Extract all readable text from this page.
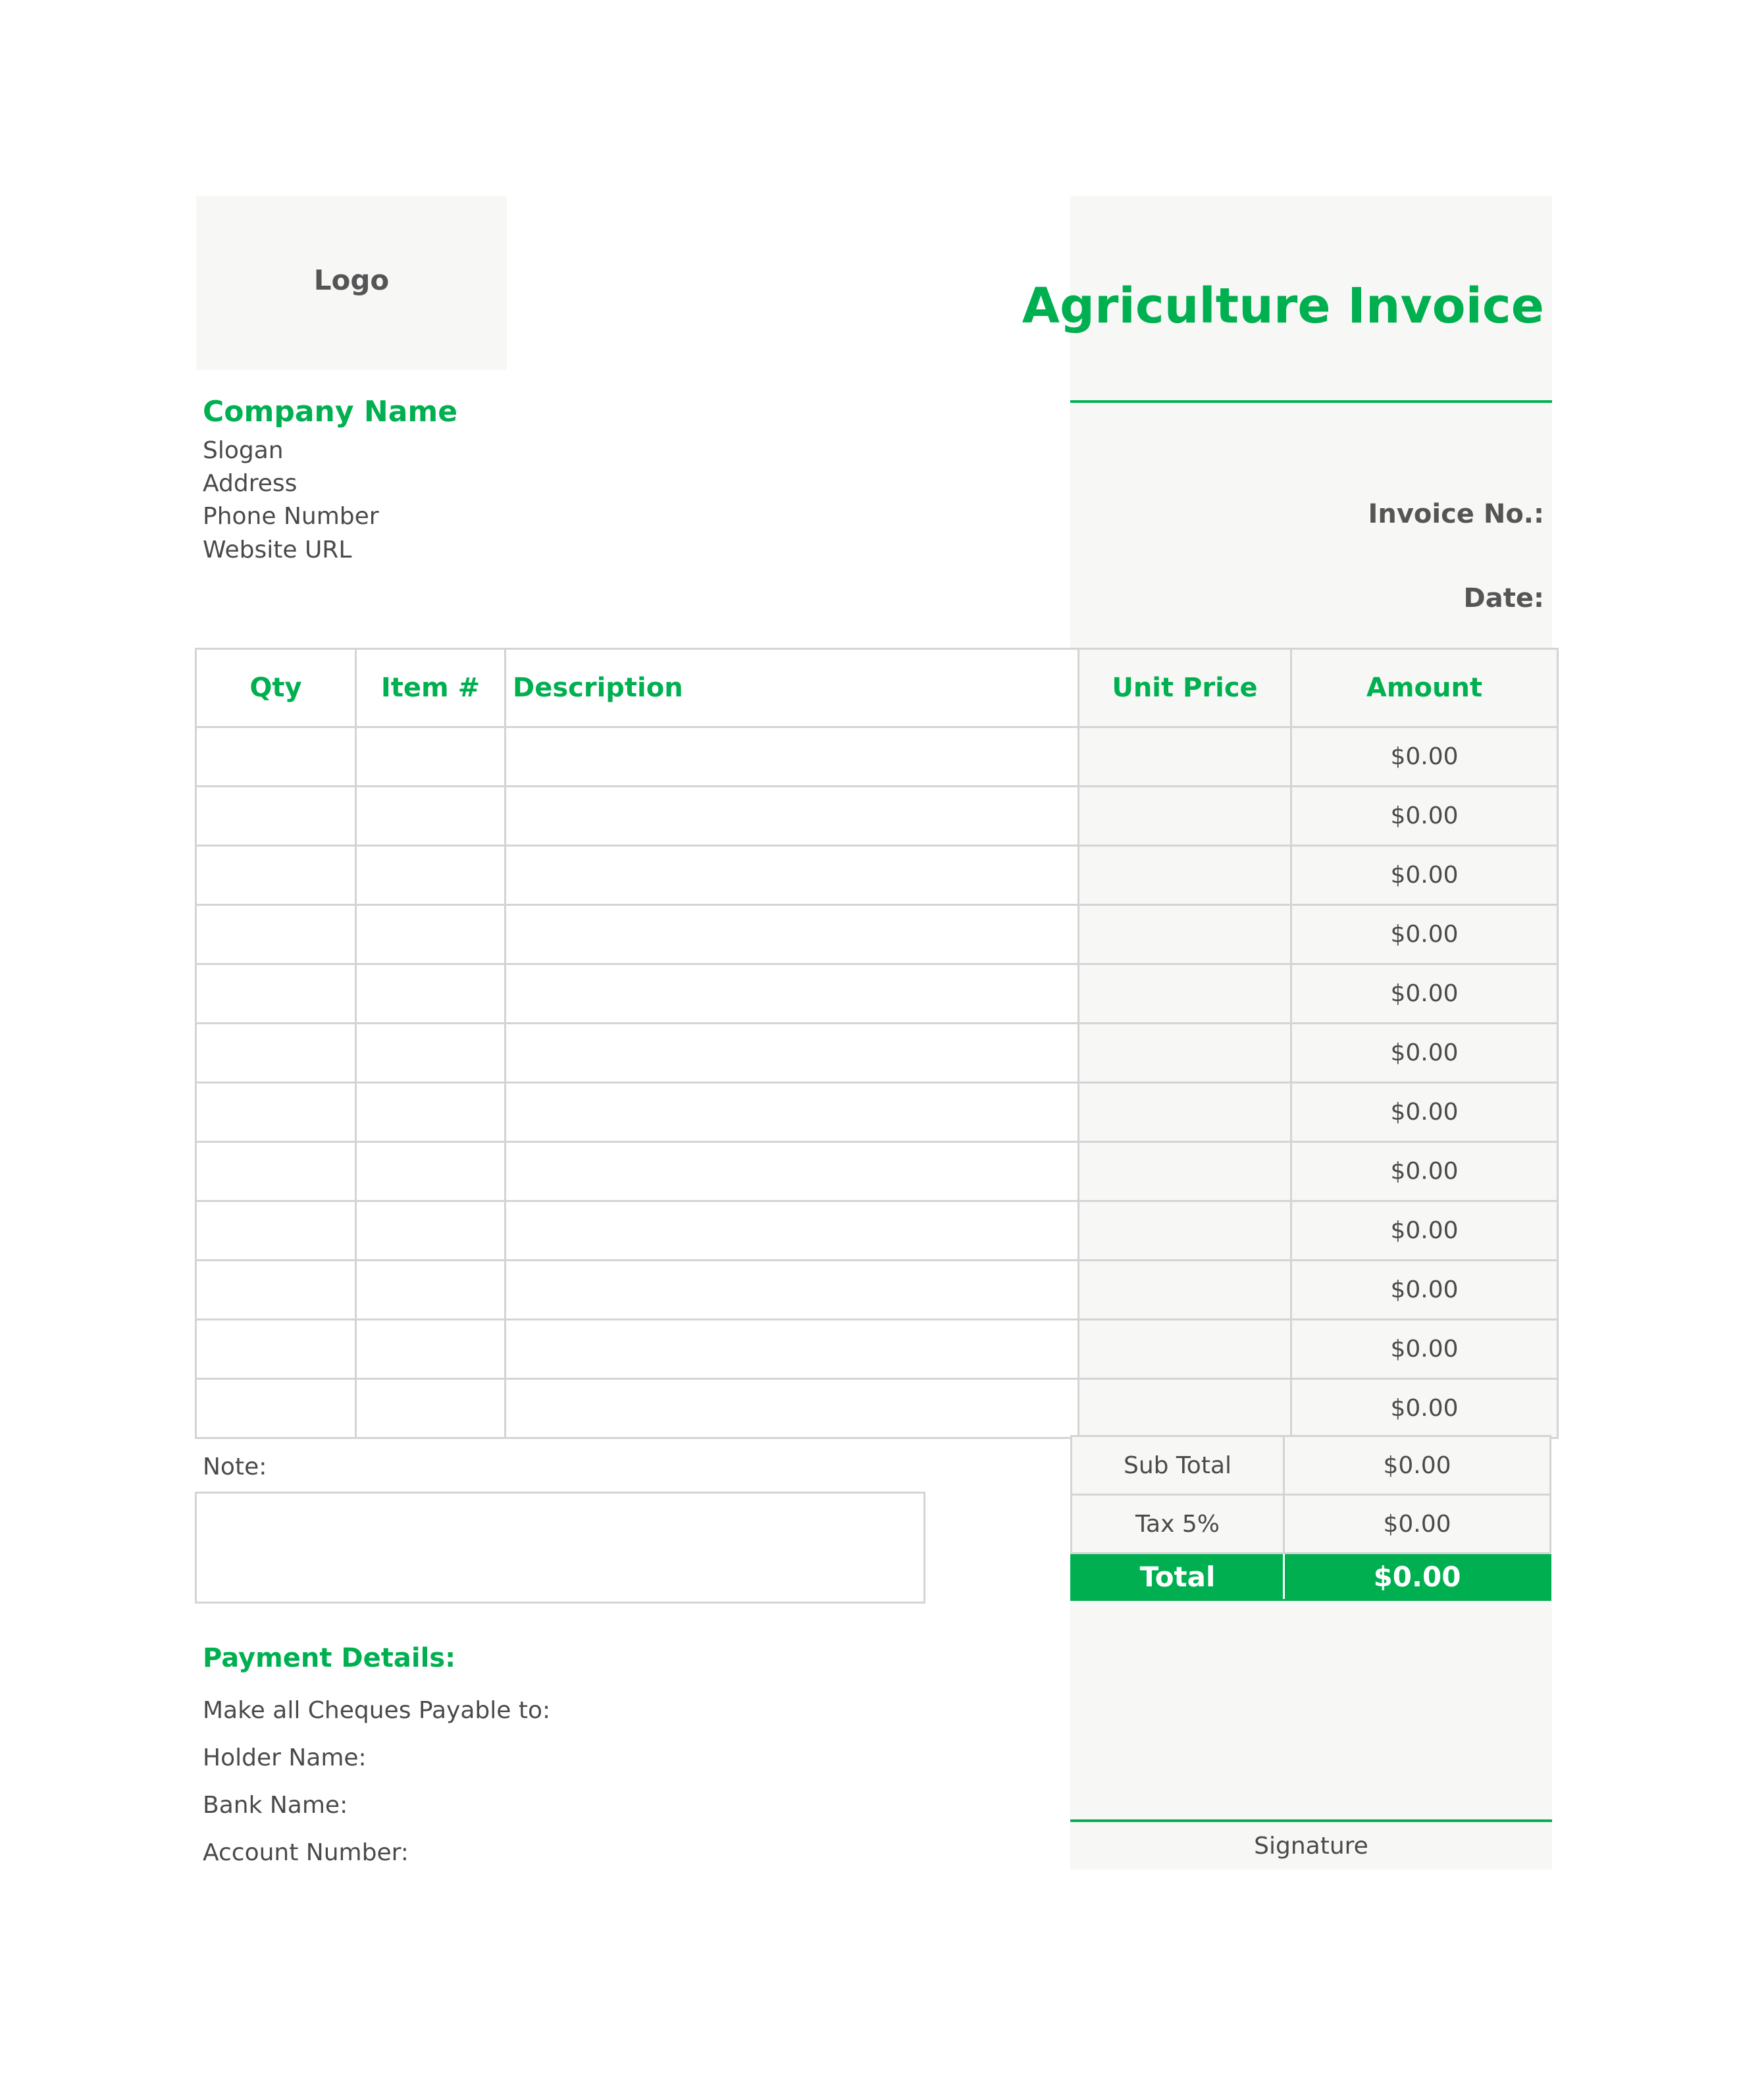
Logo	Agriculture Invoice
Invoice No.:
Date:
Company Name
Slogan
Address
Phone Number
Website URL
Qty	Item #	Description	Unit Price	Amount
				$0.00
				$0.00
				$0.00
				$0.00
				$0.00
				$0.00
				$0.00
				$0.00
				$0.00
				$0.00
				$0.00
				$0.00
Note:	Sub Total	$0.00
Tax 5%	$0.00
Total	$0.00
Payment Details:
Make all Cheques Payable to:
Holder Name:
Bank Name:
Account Number:	Signature
